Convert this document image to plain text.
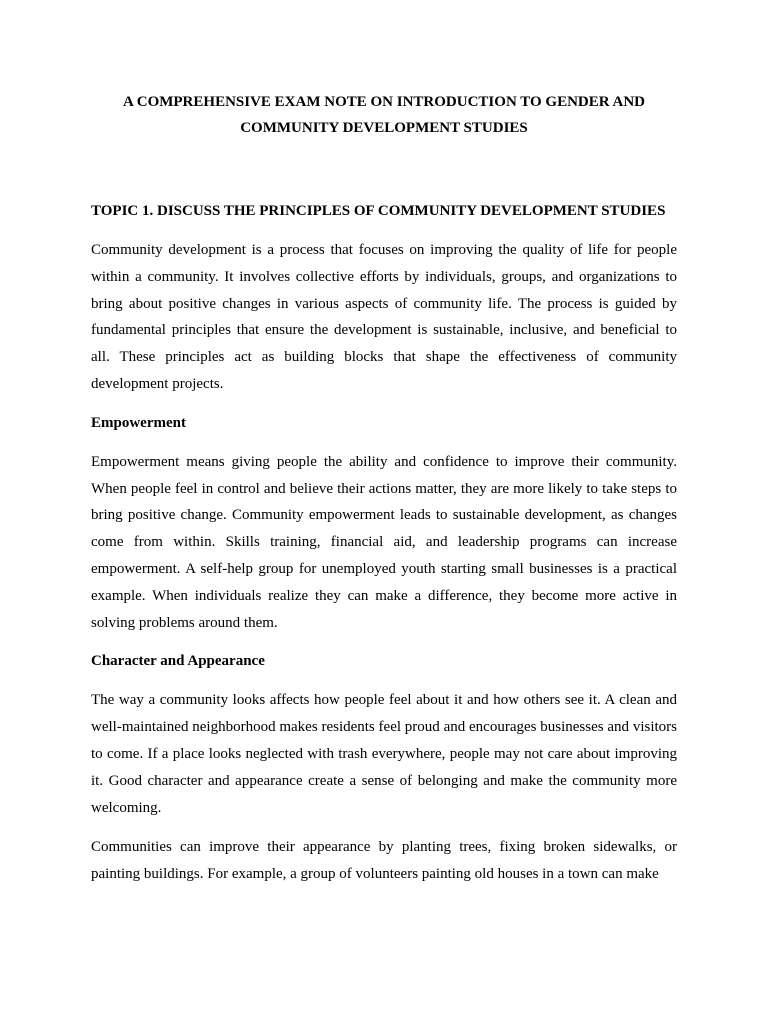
A COMPREHENSIVE EXAM NOTE ON INTRODUCTION TO GENDER AND
COMMUNITY DEVELOPMENT STUDIES

TOPIC 1. DISCUSS THE PRINCIPLES OF COMMUNITY DEVELOPMENT STUDIES

Community development is a process that focuses on improving the quality of life for people within a community. It involves collective efforts by individuals, groups, and organizations to bring about positive changes in various aspects of community life. The process is guided by fundamental principles that ensure the development is sustainable, inclusive, and beneficial to all. These principles act as building blocks that shape the effectiveness of community development projects.

Empowerment

Empowerment means giving people the ability and confidence to improve their community. When people feel in control and believe their actions matter, they are more likely to take steps to bring positive change. Community empowerment leads to sustainable development, as changes come from within. Skills training, financial aid, and leadership programs can increase empowerment. A self-help group for unemployed youth starting small businesses is a practical example. When individuals realize they can make a difference, they become more active in solving problems around them.

Character and Appearance

The way a community looks affects how people feel about it and how others see it. A clean and well-maintained neighborhood makes residents feel proud and encourages businesses and visitors to come. If a place looks neglected with trash everywhere, people may not care about improving it. Good character and appearance create a sense of belonging and make the community more welcoming.

Communities can improve their appearance by planting trees, fixing broken sidewalks, or painting buildings. For example, a group of volunteers painting old houses in a town can make
